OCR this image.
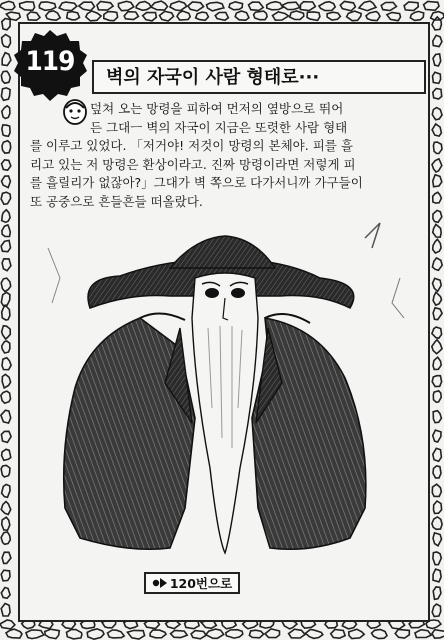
119
벽의 자국이 사람 형태로···
덮쳐 오는 망령을 피하여 먼저의 옆방으로 뛰어
든 그대ㅡ 벽의 자국이 지금은 또렷한 사람 형태
를 이루고 있었다. 「저거야! 저것이 망령의 본체야. 피를 흘
리고 있는 저 망령은 환상이라고. 진짜 망령이라면 저렇게 피
를 흘릴리가 없잖아?」그대가 벽 쪽으로 다가서니까 가구들이
또 공중으로 흔들흔들 떠올랐다.
120번으로
